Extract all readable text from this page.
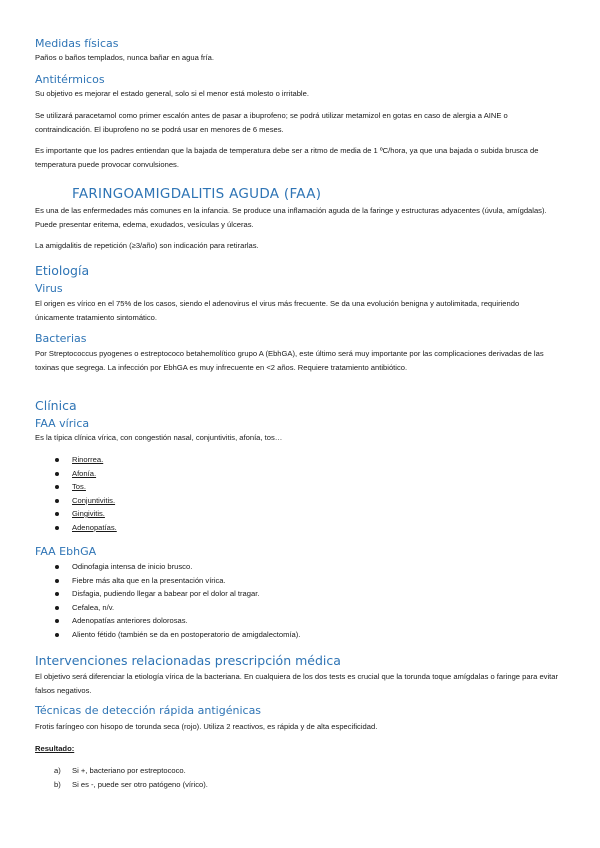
Medidas físicas
Paños o baños templados, nunca bañar en agua fría.
Antitérmicos
Su objetivo es mejorar el estado general, solo si el menor está molesto o irritable.
Se utilizará paracetamol como primer escalón antes de pasar a ibuprofeno; se podrá utilizar metamizol en gotas en caso de alergia a AINE o contraindicación. El ibuprofeno no se podrá usar en menores de 6 meses.
Es importante que los padres entiendan que la bajada de temperatura debe ser a ritmo de media de 1 ºC/hora, ya que una bajada o subida brusca de temperatura puede provocar convulsiones.
FARINGOAMIGDALITIS AGUDA (FAA)
Es una de las enfermedades más comunes en la infancia. Se produce una inflamación aguda de la faringe y estructuras adyacentes (úvula, amígdalas). Puede presentar eritema, edema, exudados, vesículas y úlceras.
La amigdalitis de repetición (≥3/año) son indicación para retirarlas.
Etiología
Virus
El origen es vírico en el 75% de los casos, siendo el adenovirus el virus más frecuente. Se da una evolución benigna y autolimitada, requiriendo únicamente tratamiento sintomático.
Bacterias
Por Streptococcus pyogenes o estreptococo betahemolítico grupo A (EbhGA), este último será muy importante por las complicaciones derivadas de las toxinas que segrega. La infección por EbhGA es muy infrecuente en <2 años. Requiere tratamiento antibiótico.
Clínica
FAA vírica
Es la típica clínica vírica, con congestión nasal, conjuntivitis, afonía, tos…
Rinorrea.
Afonía.
Tos.
Conjuntivitis.
Gingivitis.
Adenopatías.
FAA EbhGA
Odinofagia intensa de inicio brusco.
Fiebre más alta que en la presentación vírica.
Disfagia, pudiendo llegar a babear por el dolor al tragar.
Cefalea, n/v.
Adenopatías anteriores dolorosas.
Aliento fétido (también se da en postoperatorio de amigdalectomía).
Intervenciones relacionadas prescripción médica
El objetivo será diferenciar la etiología vírica de la bacteriana. En cualquiera de los dos tests es crucial que la torunda toque amígdalas o faringe para evitar falsos negativos.
Técnicas de detección rápida antigénicas
Frotis faríngeo con hisopo de torunda seca (rojo). Utiliza 2 reactivos, es rápida y de alta especificidad.
Resultado:
a) Si +, bacteriano por estreptococo.
b) Si es -, puede ser otro patógeno (vírico).
